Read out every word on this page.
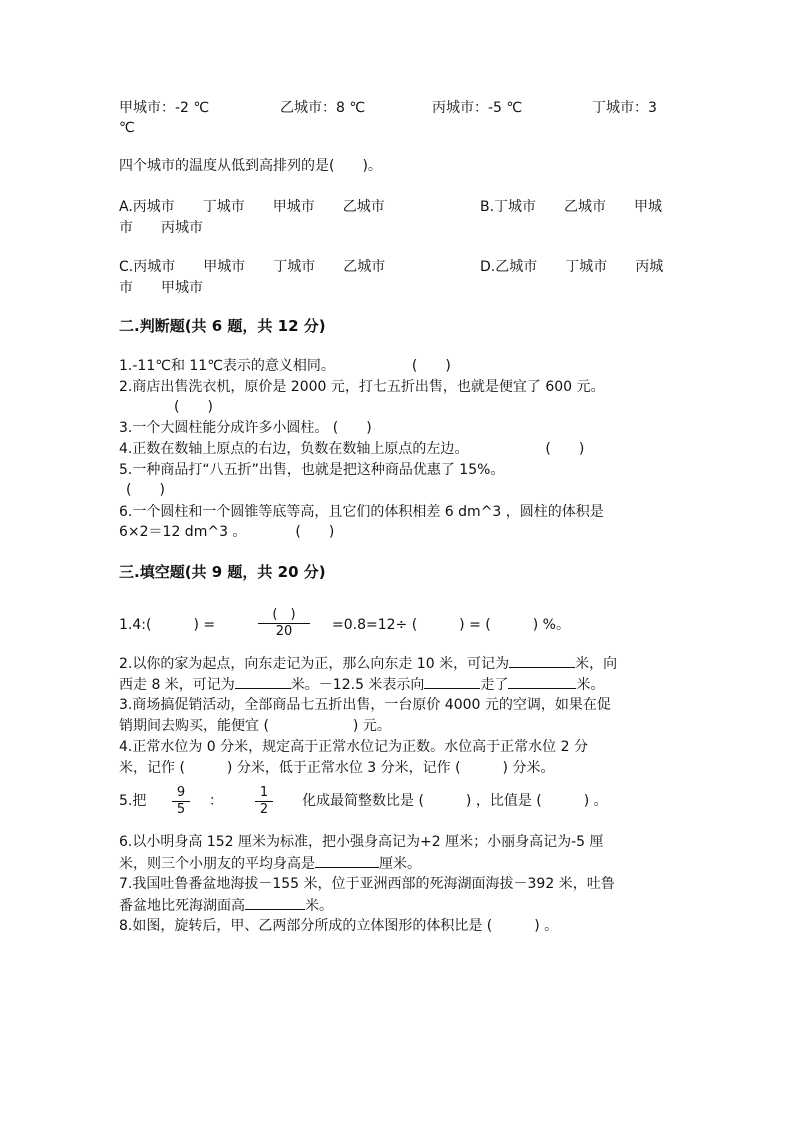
甲城市：-2 ℃	乙城市：8 ℃	丙城市：-5 ℃	丁城市：3
℃
四个城市的温度从低到高排列的是(　　)。
A.丙城市　　丁城市　　甲城市　　乙城市	B.丁城市　　乙城市　　甲城
市　　丙城市
C.丙城市　　甲城市　　丁城市　　乙城市	D.乙城市　　丁城市　　丙城
市　　甲城市
二.判断题(共 6 题，共 12 分)
1.-11℃和 11℃表示的意义相同。　　　　　　(　　)
2.商店出售洗衣机，原价是 2000 元，打七五折出售，也就是便宜了 600 元。
(　　)
3.一个大圆柱能分成许多小圆柱。 (　　)
4.正数在数轴上原点的右边，负数在数轴上原点的左边。　　　　　　(　　)
5.一种商品打“八五折”出售，也就是把这种商品优惠了 15%。
(　　)
6.一个圆柱和一个圆锥等底等高，且它们的体积相差 6 dm^3 ，圆柱的体积是
6×2＝12 dm^3 。　　　　(　　)
三.填空题(共 9 题，共 20 分)
1.4:(　　　) =
(　)
20	=0.8=12÷ (　　　) = (　　　) %。
2.以你的家为起点，向东走记为正，那么向东走 10 米，可记为	米，向
西走 8 米，可记为	米。－12.5 米表示向	走了	米。
3.商场搞促销活动，全部商品七五折出售，一台原价 4000 元的空调，如果在促
销期间去购买，能便宜 (　　　　　　) 元。
4.正常水位为 0 分米，规定高于正常水位记为正数。水位高于正常水位 2 分
米，记作 (　　　) 分米，低于正常水位 3 分米，记作 (　　　) 分米。
5.把 $\frac{9}{5}$ ： $\frac{1}{2}$ 化成最简整数比是 (　　　) ，比值是 (　　　) 。
6.以小明身高 152 厘米为标准，把小强身高记为+2 厘米；小丽身高记为-5 厘
米，则三个小朋友的平均身高是	厘米。
7.我国吐鲁番盆地海拔－155 米，位于亚洲西部的死海湖面海拔－392 米，吐鲁
番盆地比死海湖面高	米。
8.如图，旋转后，甲、乙两部分所成的立体图形的体积比是 (　　　) 。
